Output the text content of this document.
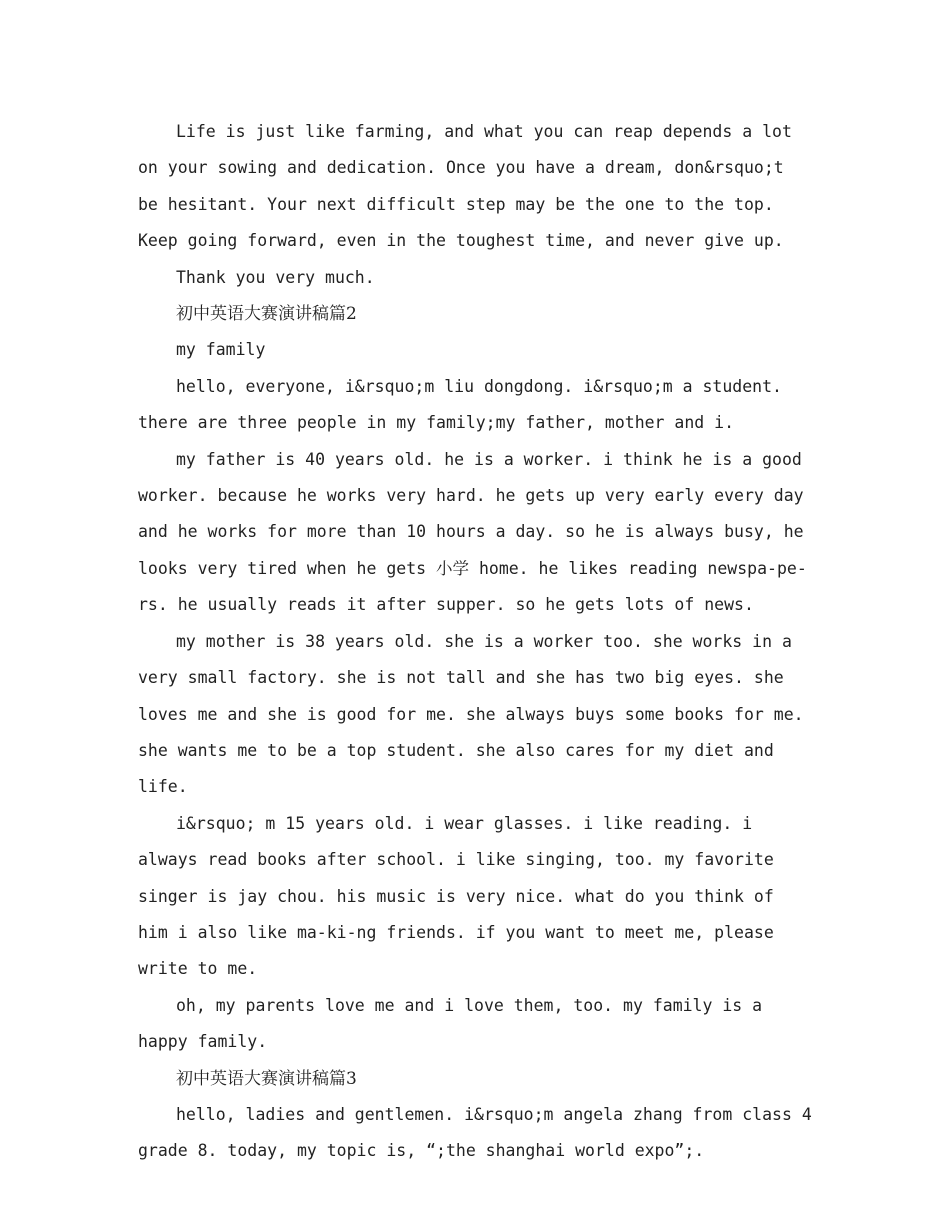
Life is just like farming, and what you can reap depends a lot on your sowing and dedication. Once you have a dream, don&rsquo;t be hesitant. Your next difficult step may be the one to the top. Keep going forward, even in the toughest time, and never give up.

Thank you very much.

初中英语大赛演讲稿篇2

my family

hello, everyone, i&rsquo;m liu dongdong. i&rsquo;m a student. there are three people in my family;my father, mother and i.

my father is 40 years old. he is a worker. i think he is a good worker. because he works very hard. he gets up very early every day and he works for more than 10 hours a day. so he is always busy, he looks very tired when he gets 小学 home. he likes reading newspa-pe-rs. he usually reads it after supper. so he gets lots of news.

my mother is 38 years old. she is a worker too. she works in a very small factory. she is not tall and she has two big eyes. she loves me and she is good for me. she always buys some books for me. she wants me to be a top student. she also cares for my diet and life.

i&rsquo; m 15 years old. i wear glasses. i like reading. i always read books after school. i like singing, too. my favorite singer is jay chou. his music is very nice. what do you think of him i also like ma-ki-ng friends. if you want to meet me, please write to me.

oh, my parents love me and i love them, too. my family is a happy family.

初中英语大赛演讲稿篇3

hello, ladies and gentlemen. i&rsquo;m angela zhang from class 4 grade 8. today, my topic is, “;the shanghai world expo”;.
